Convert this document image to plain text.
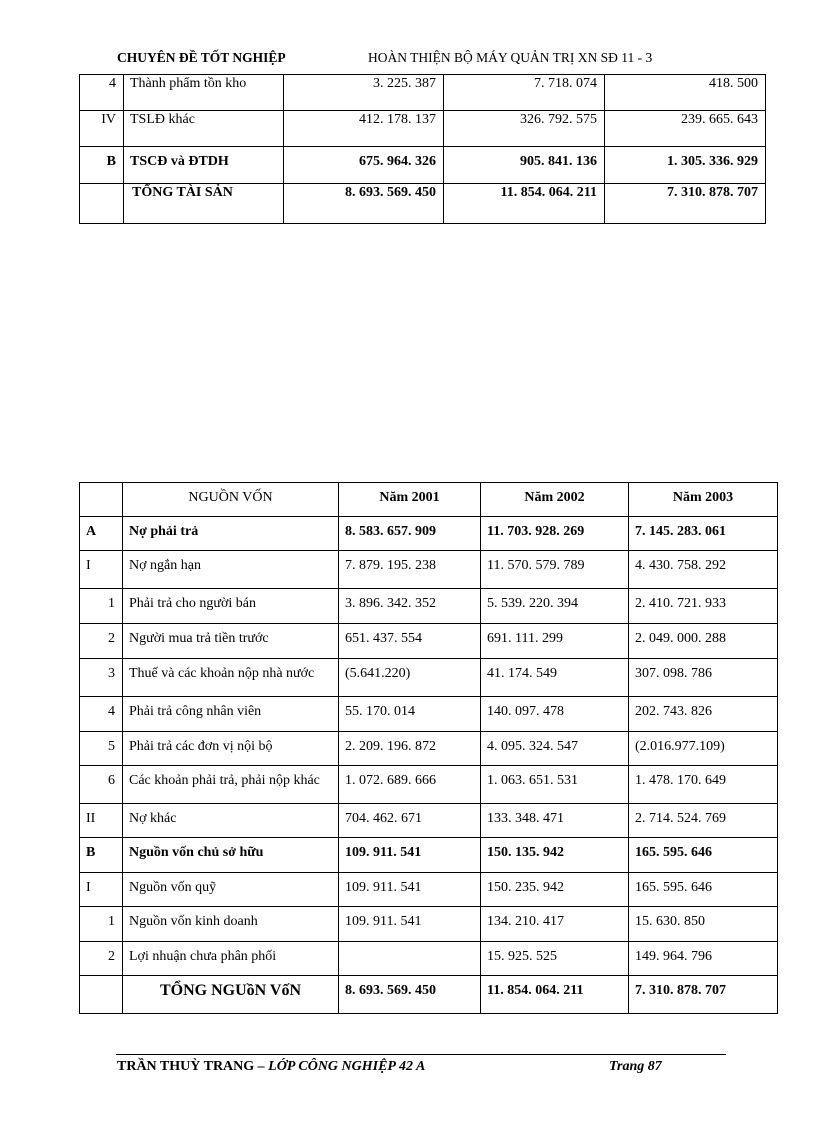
CHUYÊN ĐỀ TỐT NGHIỆP	HOÀN THIỆN BỘ MÁY QUẢN TRỊ XN SĐ 11 - 3
4	Thành phẩm tồn kho	3. 225. 387	7. 718. 074	418. 500
IV	TSLĐ khác	412. 178. 137	326. 792. 575	239. 665. 643
B	TSCĐ và ĐTDH	675. 964. 326	905. 841. 136	1. 305. 336. 929
	TỔNG TÀI SẢN	8. 693. 569. 450	11. 854. 064. 211	7. 310. 878. 707
	NGUỒN VỐN	Năm 2001	Năm 2002	Năm 2003
A	Nợ phải trả	8. 583. 657. 909	11. 703. 928. 269	7. 145. 283. 061
I	Nợ ngắn hạn	7. 879. 195. 238	11. 570. 579. 789	4. 430. 758. 292
1	Phải trả cho người bán	3. 896. 342. 352	5. 539. 220. 394	2. 410. 721. 933
2	Người mua trả tiền trước	651. 437. 554	691. 111. 299	2. 049. 000. 288
3	Thuế và các khoản nộp nhà nước	(5.641.220)	41. 174. 549	307. 098. 786
4	Phải trả công nhân viên	55. 170. 014	140. 097. 478	202. 743. 826
5	Phải trả các đơn vị nội bộ	2. 209. 196. 872	4. 095. 324. 547	(2.016.977.109)
6	Các khoản phải trả, phải nộp khác	1. 072. 689. 666	1. 063. 651. 531	1. 478. 170. 649
II	Nợ khác	704. 462. 671	133. 348. 471	2. 714. 524. 769
B	Nguồn vốn chủ sở hữu	109. 911. 541	150. 135. 942	165. 595. 646
I	Nguồn vốn quỹ	109. 911. 541	150. 235. 942	165. 595. 646
1	Nguồn vốn kinh doanh	109. 911. 541	134. 210. 417	15. 630. 850
2	Lợi nhuận chưa phân phối		15. 925. 525	149. 964. 796
	TỔNG NGUồN VốN	8. 693. 569. 450	11. 854. 064. 211	7. 310. 878. 707
TRẦN THUỲ TRANG – LỚP CÔNG NGHIỆP 42 A	Trang 87
